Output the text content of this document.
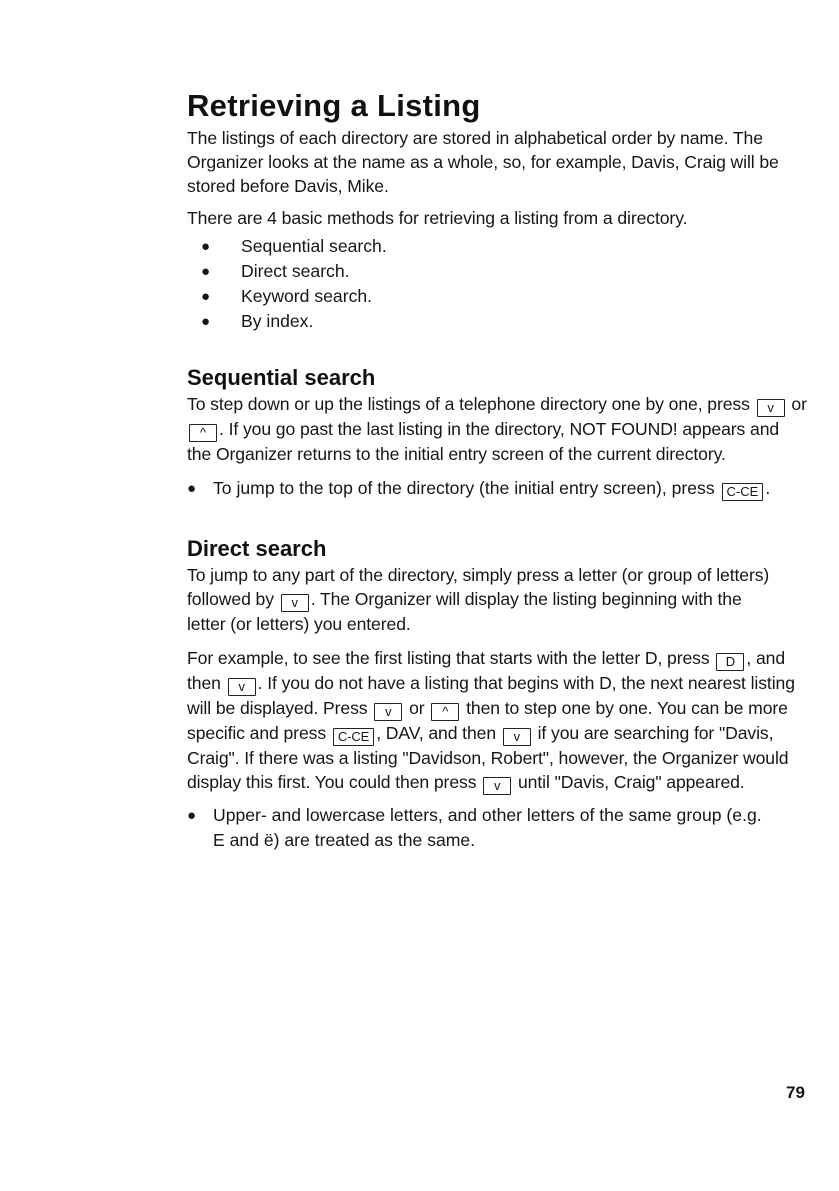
Retrieving a Listing

The listings of each directory are stored in alphabetical order by name. The Organizer looks at the name as a whole, so, for example, Davis, Craig will be stored before Davis, Mike.

There are 4 basic methods for retrieving a listing from a directory.

● Sequential search.
● Direct search.
● Keyword search.
● By index.
Sequential search

To step down or up the listings of a telephone directory one by one, press v or ^ . If you go past the last listing in the directory, NOT FOUND! appears and the Organizer returns to the initial entry screen of the current directory.

● To jump to the top of the directory (the initial entry screen), press C-CE .
Direct search

To jump to any part of the directory, simply press a letter (or group of letters) followed by v . The Organizer will display the listing beginning with the letter (or letters) you entered.

For example, to see the first listing that starts with the letter D, press D , and then v . If you do not have a listing that begins with D, the next nearest listing will be displayed. Press v or ^ then to step one by one. You can be more specific and press C-CE , DAV, and then v if you are searching for "Davis, Craig". If there was a listing "Davidson, Robert", however, the Organizer would display this first. You could then press v until "Davis, Craig" appeared.

● Upper- and lowercase letters, and other letters of the same group (e.g. E and ë) are treated as the same.
79
